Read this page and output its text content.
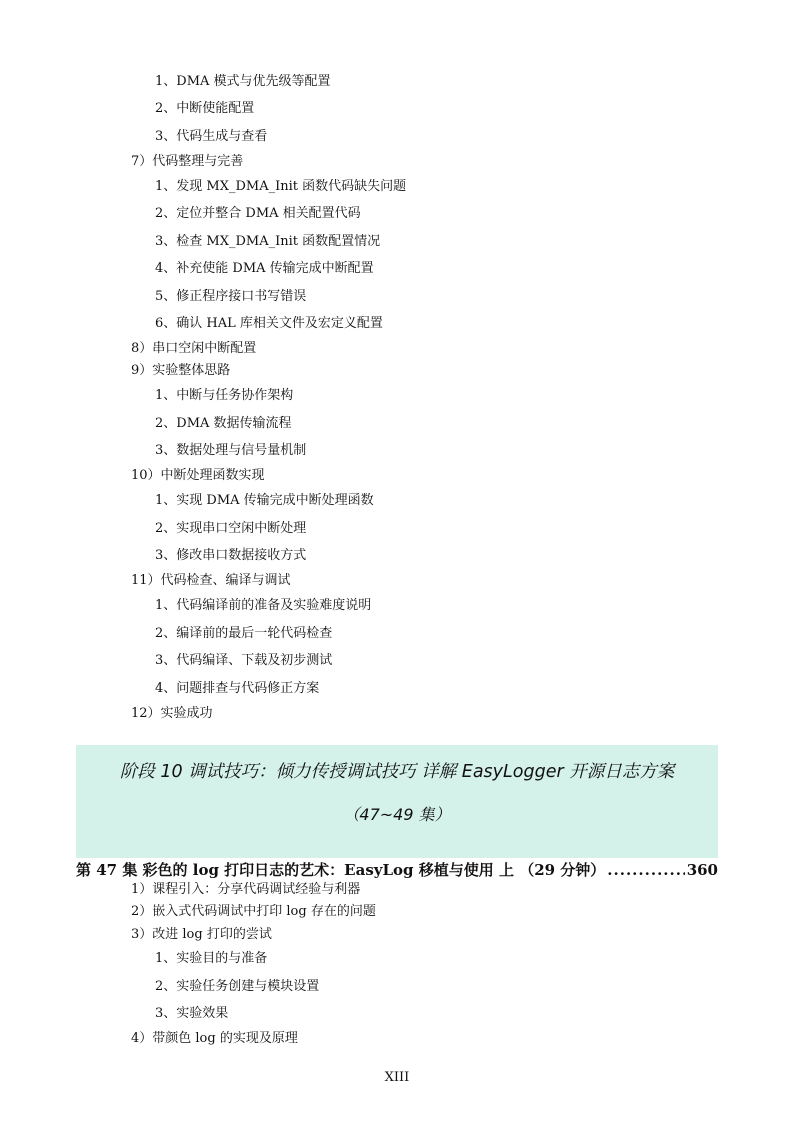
1、DMA 模式与优先级等配置
2、中断使能配置
3、代码生成与查看
7）代码整理与完善
1、发现 MX_DMA_Init 函数代码缺失问题
2、定位并整合 DMA 相关配置代码
3、检查 MX_DMA_Init 函数配置情况
4、补充使能 DMA 传输完成中断配置
5、修正程序接口书写错误
6、确认 HAL 库相关文件及宏定义配置
8）串口空闲中断配置
9）实验整体思路
1、中断与任务协作架构
2、DMA 数据传输流程
3、数据处理与信号量机制
10）中断处理函数实现
1、实现 DMA 传输完成中断处理函数
2、实现串口空闲中断处理
3、修改串口数据接收方式
11）代码检查、编译与调试
1、代码编译前的准备及实验难度说明
2、编译前的最后一轮代码检查
3、代码编译、下载及初步测试
4、问题排查与代码修正方案
12）实验成功
阶段 10 调试技巧：倾力传授调试技巧 详解 EasyLogger 开源日志方案
（47~49 集）
第 47 集 彩色的 log 打印日志的艺术：EasyLog 移植与使用 上 （29 分钟）
.....	360
1）课程引入：分享代码调试经验与利器
2）嵌入式代码调试中打印 log 存在的问题
3）改进 log 打印的尝试
1、实验目的与准备
2、实验任务创建与模块设置
3、实验效果
4）带颜色 log 的实现及原理
XIII
